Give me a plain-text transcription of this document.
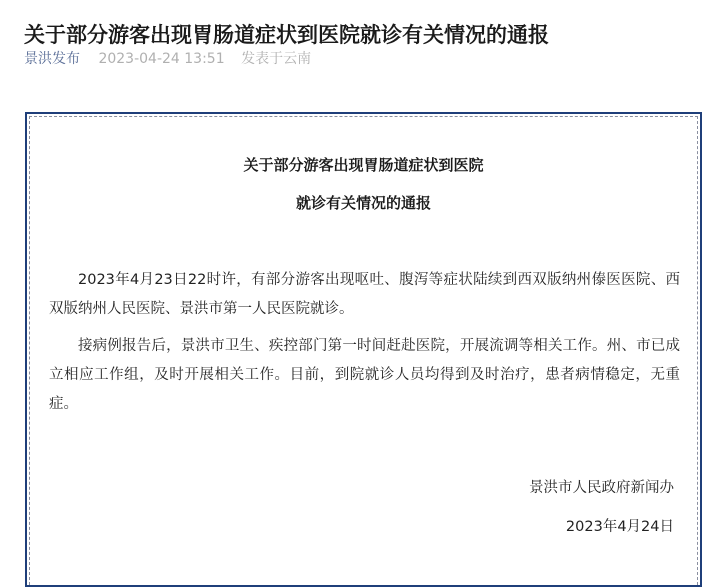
关于部分游客出现胃肠道症状到医院就诊有关情况的通报
景洪发布 2023-04-24 13:51 发表于云南
关于部分游客出现胃肠道症状到医院
就诊有关情况的通报

2023年4月23日22时许，有部分游客出现呕吐、腹泻等症状陆续到西双版纳州傣医医院、西双版纳州人民医院、景洪市第一人民医院就诊。

接病例报告后，景洪市卫生、疾控部门第一时间赶赴医院，开展流调等相关工作。州、市已成立相应工作组，及时开展相关工作。目前，到院就诊人员均得到及时治疗，患者病情稳定，无重症。

景洪市人民政府新闻办
2023年4月24日
